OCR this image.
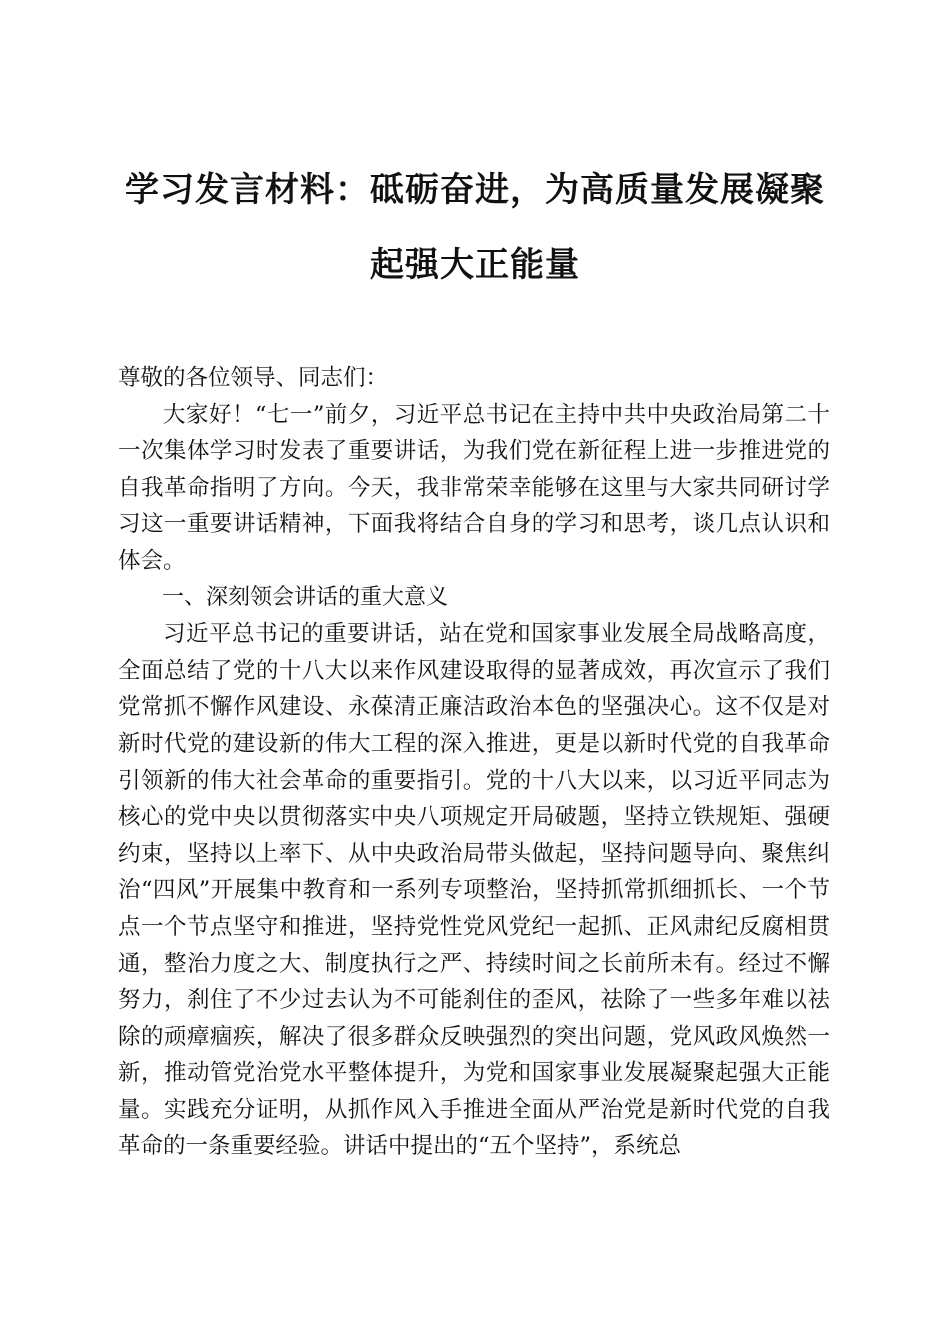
学习发言材料：砥砺奋进，为高质量发展凝聚
起强大正能量

尊敬的各位领导、同志们：

大家好！“七一”前夕，习近平总书记在主持中共中央政治局第二十一次集体学习时发表了重要讲话，为我们党在新征程上进一步推进党的自我革命指明了方向。今天，我非常荣幸能够在这里与大家共同研讨学习这一重要讲话精神，下面我将结合自身的学习和思考，谈几点认识和体会。

一、深刻领会讲话的重大意义

习近平总书记的重要讲话，站在党和国家事业发展全局战略高度，全面总结了党的十八大以来作风建设取得的显著成效，再次宣示了我们党常抓不懈作风建设、永葆清正廉洁政治本色的坚强决心。这不仅是对新时代党的建设新的伟大工程的深入推进，更是以新时代党的自我革命引领新的伟大社会革命的重要指引。党的十八大以来，以习近平同志为核心的党中央以贯彻落实中央八项规定开局破题，坚持立铁规矩、强硬约束，坚持以上率下、从中央政治局带头做起，坚持问题导向、聚焦纠治“四风”开展集中教育和一系列专项整治，坚持抓常抓细抓长、一个节点一个节点坚守和推进，坚持党性党风党纪一起抓、正风肃纪反腐相贯通，整治力度之大、制度执行之严、持续时间之长前所未有。经过不懈努力，刹住了不少过去认为不可能刹住的歪风，祛除了一些多年难以祛除的顽瘴痼疾，解决了很多群众反映强烈的突出问题，党风政风焕然一新，推动管党治党水平整体提升，为党和国家事业发展凝聚起强大正能量。实践充分证明，从抓作风入手推进全面从严治党是新时代党的自我革命的一条重要经验。讲话中提出的“五个坚持”，系统总
